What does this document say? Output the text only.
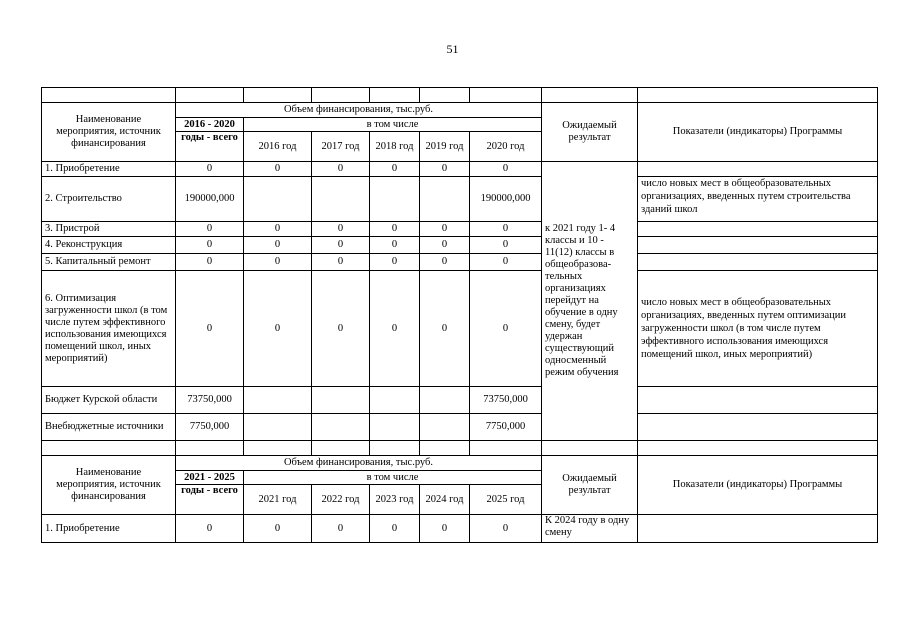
51

Наименование мероприятия, источник финансирования	Объем финансирования, тыс.руб.						Ожидаемый результат	Показатели (индикаторы) Программы
	2016 - 2020	в том числе						
	годы - всего	2016 год	2017 год	2018 год	2019 год	2020 год		
1. Приобретение	0	0	0	0	0	0	к 2021 году 1- 4 классы и 10 - 11(12) классы в общеобразова-тельных организациях перейдут на обучение в одну смену, будет удержан существующий односменный режим обучения	
2. Строительство	190000,000					190000,000		число новых мест в общеобразовательных организациях, введенных путем строительства зданий школ
3. Пристрой	0	0	0	0	0	0		
4. Реконструкция	0	0	0	0	0	0		
5. Капитальный ремонт	0	0	0	0	0	0		
6. Оптимизация загруженности школ (в том числе путем эффективного использования имеющихся помещений школ, иных мероприятий)	0	0	0	0	0	0		число новых мест в общеобразовательных организациях, введенных путем оптимизации загруженности школ (в том числе путем эффективного использования имеющихся помещений школ, иных мероприятий)
Бюджет Курской области	73750,000					73750,000		
Внебюджетные источники	7750,000					7750,000		

Наименование мероприятия, источник финансирования	Объем финансирования, тыс.руб.						Ожидаемый результат	Показатели (индикаторы) Программы
	2021 - 2025	в том числе						
	годы - всего	2021 год	2022 год	2023 год	2024 год	2025 год		
1. Приобретение	0	0	0	0	0	0	К 2024 году в одну смену	
